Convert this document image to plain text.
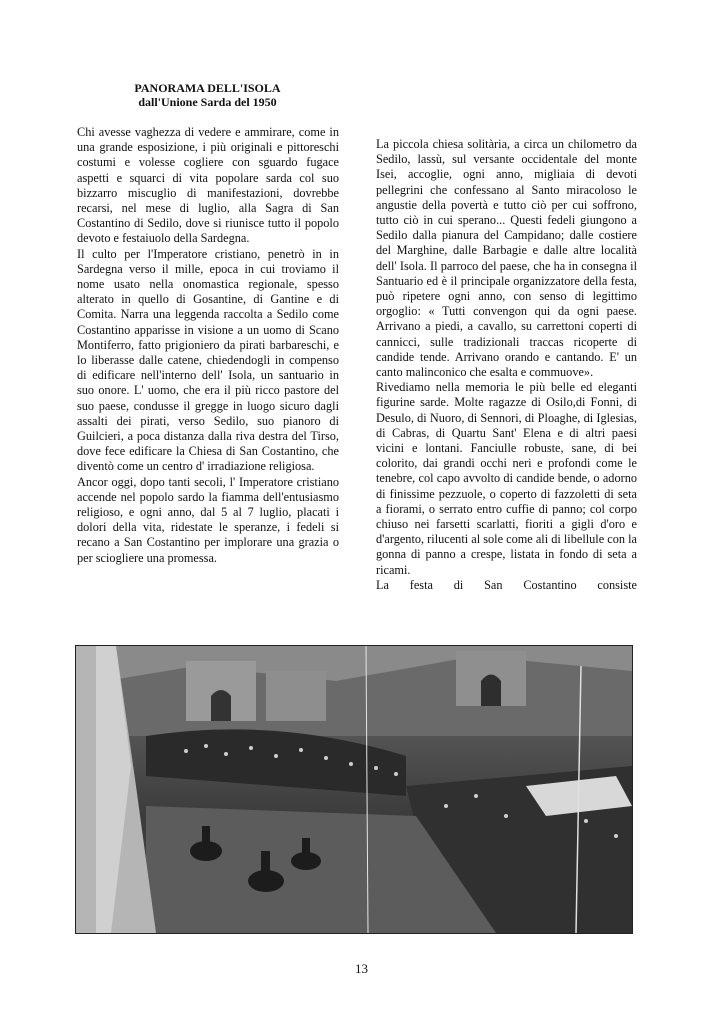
PANORAMA DELL'ISOLA
dall'Unione Sarda del 1950

Chi avesse vaghezza di vedere e ammirare, come in una grande esposizione, i più originali e pittoreschi costumi e volesse cogliere con sguardo fugace aspetti e squarci di vita popolare sarda col suo bizzarro miscuglio di manifestazioni, dovrebbe recarsi, nel mese di luglio, alla Sagra di San Costantino di Sedilo, dove si riunisce tutto il popolo devoto e festaiuolo della Sardegna.

Il culto per l'Imperatore cristiano, penetrò in in Sardegna verso il mille, epoca in cui troviamo il nome usato nella onomastica regionale, spesso alterato in quello di Gosantine, di Gantine e di Comita. Narra una leggenda raccolta a Sedilo come Costantino apparisse in visione a un uomo di Scano Montiferro, fatto prigioniero da pirati barbareschi, e lo liberasse dalle catene, chiedendogli in compenso di edificare nell'interno dell' Isola, un santuario in suo onore. L' uomo, che era il più ricco pastore del suo paese, condusse il gregge in luogo sicuro dagli assalti dei pirati, verso Sedilo, suo pianoro di Guilcieri, a poca distanza dalla riva destra del Tirso, dove fece edificare la Chiesa di San Costantino, che diventò come un centro d' irradiazione religiosa.

Ancor oggi, dopo tanti secoli, l' Imperatore cristiano accende nel popolo sardo la fiamma dell'entusiasmo religioso, e ogni anno, dal 5 al 7 luglio, placati i dolori della vita, ridestate le speranze, i fedeli si recano a San Costantino per implorare una grazia o per sciogliere una promessa.

La piccola chiesa solitària, a circa un chilometro da Sedilo, lassù, sul versante occidentale del monte Isei, accoglie, ogni anno, migliaia di devoti pellegrini che confessano al Santo miracoloso le angustie della povertà e tutto ciò per cui soffrono, tutto ciò in cui sperano... Questi fedeli giungono a Sedilo dalla pianura del Campidano; dalle costiere del Marghine, dalle Barbagie e dalle altre località dell' Isola. Il parroco del paese, che ha in consegna il Santuario ed è il principale organizzatore della festa, può ripetere ogni anno, con senso di legittimo orgoglio: « Tutti convengon qui da ogni paese. Arrivano a piedi, a cavallo, su carrettoni coperti di cannicci, sulle tradizionali traccas ricoperte di candide tende. Arrivano orando e cantando. E' un canto malinconico che esalta e commuove».

Rivediamo nella memoria le più belle ed eleganti figurine sarde. Molte ragazze di Osilo,di Fonni, di Desulo, di Nuoro, di Sennori, di Ploaghe, di Iglesias, di Cabras, di Quartu Sant' Elena e di altri paesi vicini e lontani. Fanciulle robuste, sane, di bei colorito, dai grandi occhi neri e profondi come le tenebre, col capo avvolto di candide bende, o adorno di finissime pezzuole, o coperto di fazzoletti di seta a fiorami, o serrato entro cuffie di panno; col corpo chiuso nei farsetti scarlatti, fioriti a gigli d'oro e d'argento, rilucenti al sole come ali di libellule con la gonna di panno a crespe, listata in fondo di seta a ricami.

La festa di San Costantino consiste

13
